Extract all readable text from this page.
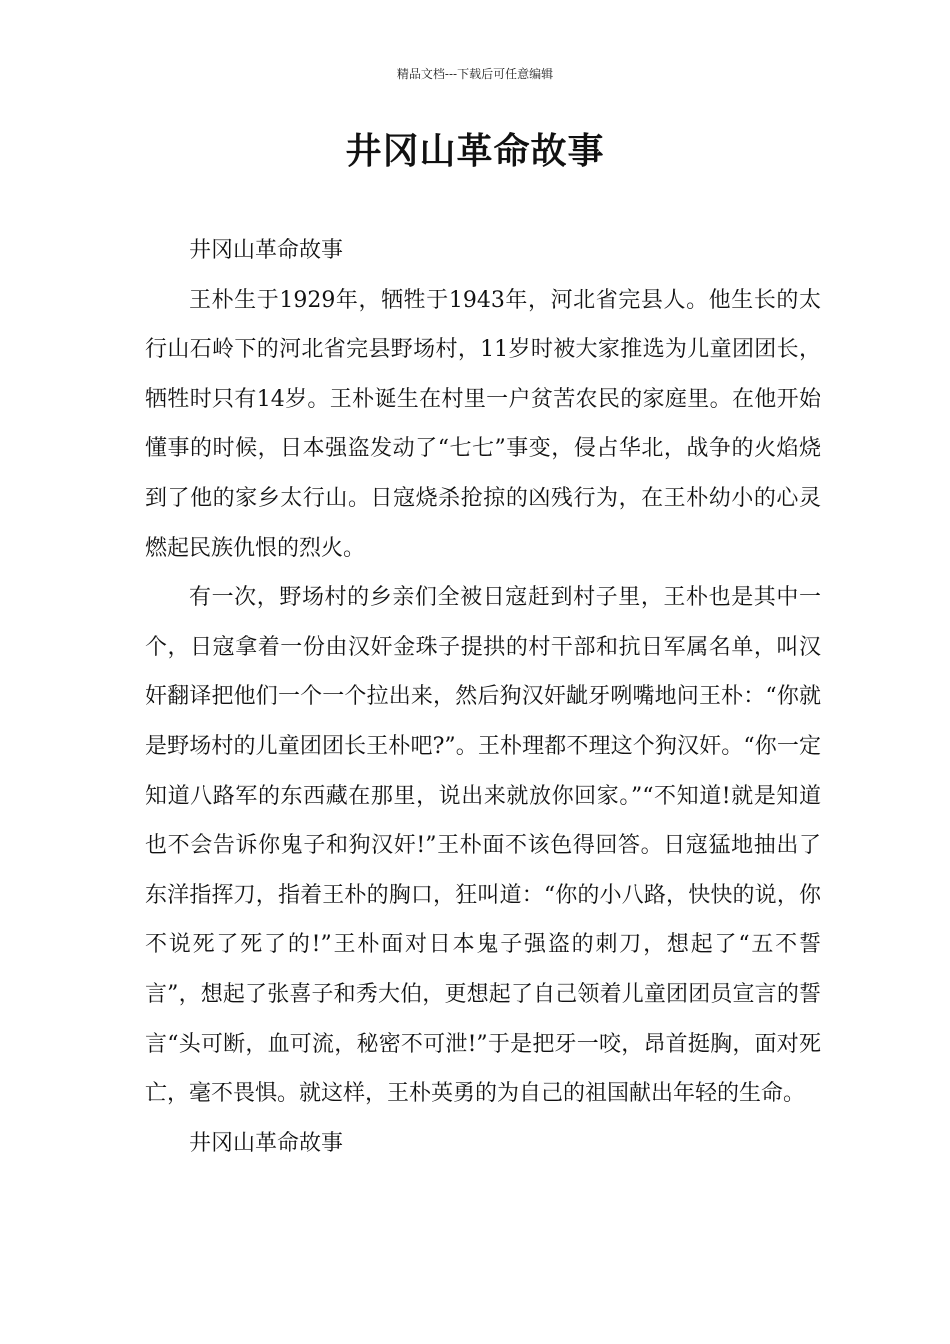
精品文档---下载后可任意编辑
井冈山革命故事

井冈山革命故事

王朴生于1929年，牺牲于1943年，河北省完县人。他生长的太行山石岭下的河北省完县野场村，11岁时被大家推选为儿童团团长，牺牲时只有14岁。王朴诞生在村里一户贫苦农民的家庭里。在他开始懂事的时候，日本强盗发动了“七七”事变，侵占华北，战争的火焰烧到了他的家乡太行山。日寇烧杀抢掠的凶残行为，在王朴幼小的心灵燃起民族仇恨的烈火。

有一次，野场村的乡亲们全被日寇赶到村子里，王朴也是其中一个，日寇拿着一份由汉奸金珠子提拱的村干部和抗日军属名单，叫汉奸翻译把他们一个一个拉出来，然后狗汉奸龇牙咧嘴地问王朴：“你就是野场村的儿童团团长王朴吧?”。王朴理都不理这个狗汉奸。“你一定知道八路军的东西藏在那里，说出来就放你回家。”“不知道!就是知道也不会告诉你鬼子和狗汉奸!”王朴面不该色得回答。日寇猛地抽出了东洋指挥刀，指着王朴的胸口，狂叫道：“你的小八路，快快的说，你不说死了死了的!”王朴面对日本鬼子强盗的刺刀，想起了“五不誓言”，想起了张喜子和秀大伯，更想起了自己领着儿童团团员宣言的誓言“头可断，血可流，秘密不可泄!”于是把牙一咬，昂首挺胸，面对死亡，毫不畏惧。就这样，王朴英勇的为自己的祖国献出年轻的生命。

井冈山革命故事
